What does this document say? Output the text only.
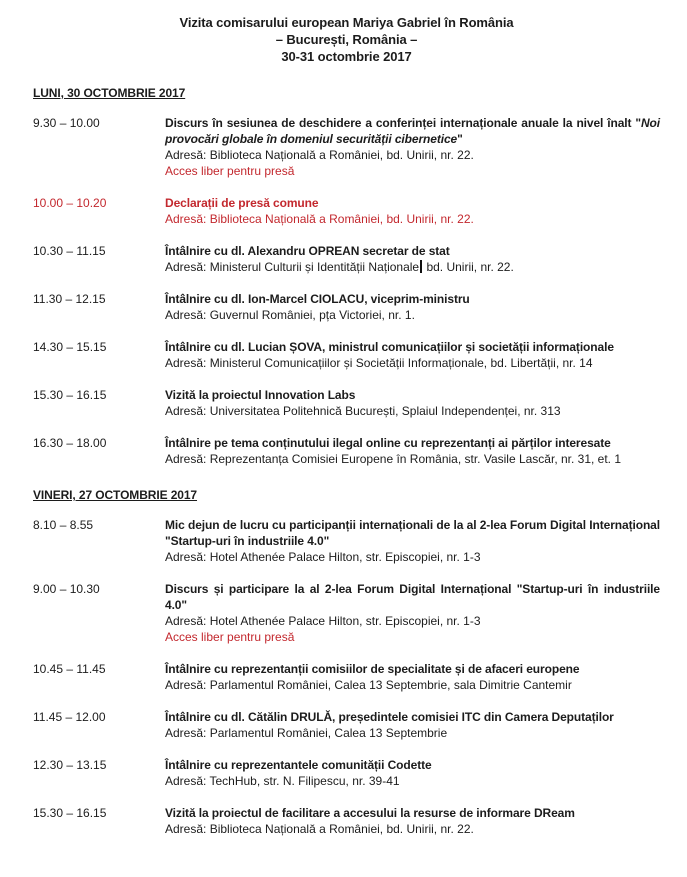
Vizita comisarului european Mariya Gabriel în România
– București, România –
30-31 octombrie 2017
LUNI, 30 OCTOMBRIE 2017
9.30 – 10.00	Discurs în sesiunea de deschidere a conferinței internaționale anuale la nivel înalt "Noi provocări globale în domeniul securității cibernetice"
Adresă: Biblioteca Națională a României, bd. Unirii, nr. 22.
Acces liber pentru presă
10.00 – 10.20	Declarații de presă comune
Adresă: Biblioteca Națională a României, bd. Unirii, nr. 22.
10.30 – 11.15	Întâlnire cu dl. Alexandru OPREAN secretar de stat
Adresă: Ministerul Culturii și Identității Naționale bd. Unirii, nr. 22.
11.30 – 12.15	Întâlnire cu dl. Ion-Marcel CIOLACU, viceprim-ministru
Adresă: Guvernul României, pța Victoriei, nr. 1.
14.30 – 15.15	Întâlnire cu dl. Lucian ȘOVA, ministrul comunicațiilor și societății informaționale
Adresă: Ministerul Comunicațiilor și Societății Informaționale, bd. Libertății, nr. 14
15.30 – 16.15	Vizită la proiectul Innovation Labs
Adresă: Universitatea Politehnică București, Splaiul Independenței, nr. 313
16.30 – 18.00	Întâlnire pe tema conținutului ilegal online cu reprezentanți ai părților interesate
Adresă: Reprezentanța Comisiei Europene în România, str. Vasile Lascăr, nr. 31, et. 1
VINERI, 27 OCTOMBRIE 2017
8.10 – 8.55	Mic dejun de lucru cu participanții internaționali de la al 2-lea Forum Digital Internațional "Startup-uri în industriile 4.0"
Adresă: Hotel Athenée Palace Hilton, str. Episcopiei, nr. 1-3
9.00 – 10.30	Discurs și participare la al 2-lea Forum Digital Internațional "Startup-uri în industriile 4.0"
Adresă: Hotel Athenée Palace Hilton, str. Episcopiei, nr. 1-3
Acces liber pentru presă
10.45 – 11.45	Întâlnire cu reprezentanții comisiilor de specialitate și de afaceri europene
Adresă: Parlamentul României, Calea 13 Septembrie, sala Dimitrie Cantemir
11.45 – 12.00	Întâlnire cu dl. Cătălin DRULĂ, președintele comisiei ITC din Camera Deputaților
Adresă: Parlamentul României, Calea 13 Septembrie
12.30 – 13.15	Întâlnire cu reprezentantele comunității Codette
Adresă: TechHub, str. N. Filipescu, nr. 39-41
15.30 – 16.15	Vizită la proiectul de facilitare a accesului la resurse de informare DReam
Adresă: Biblioteca Națională a României, bd. Unirii, nr. 22.
